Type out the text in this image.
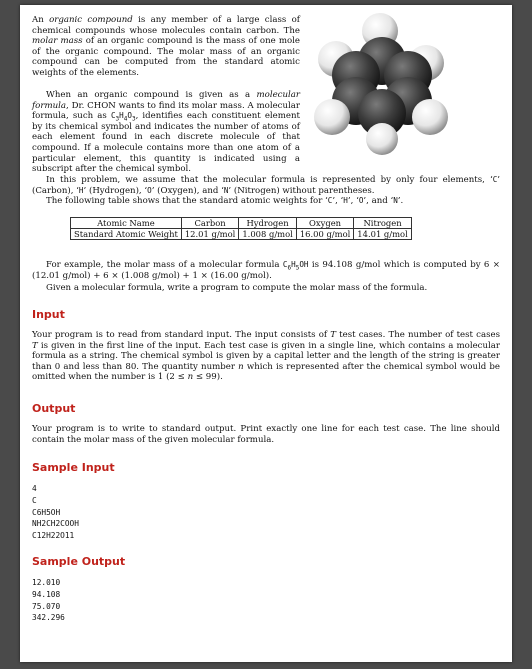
An organic compound is any member of a large class of chemical compounds whose molecules contain carbon. The molar mass of an organic compound is the mass of one mole of the organic compound. The molar mass of an organic compound can be computed from the standard atomic weights of the elements.

When an organic compound is given as a molecular formula, Dr. CHON wants to find its molar mass. A molecular formula, such as $C_3H_4O_3$, identifies each constituent element by its chemical symbol and indicates the number of atoms of each element found in each discrete molecule of that compound. If a molecule contains more than one atom of a particular element, this quantity is indicated using a subscript after the chemical symbol.

In this problem, we assume that the molecular formula is represented by only four elements, ‘C’ (Carbon), ‘H’ (Hydrogen), ‘O’ (Oxygen), and ‘N’ (Nitrogen) without parentheses.

The following table shows that the standard atomic weights for ‘C’, ‘H’, ‘O’, and ‘N’.

Atomic Name	Carbon	Hydrogen	Oxygen	Nitrogen
Standard Atomic Weight	12.01 g/mol	1.008 g/mol	16.00 g/mol	14.01 g/mol

For example, the molar mass of a molecular formula $C_6H_5OH$ is 94.108 g/mol which is computed by 6 × (12.01 g/mol) + 6 × (1.008 g/mol) + 1 × (16.00 g/mol).

Given a molecular formula, write a program to compute the molar mass of the formula.

Input

Your program is to read from standard input. The input consists of T test cases. The number of test cases T is given in the first line of the input. Each test case is given in a single line, which contains a molecular formula as a string. The chemical symbol is given by a capital letter and the length of the string is greater than 0 and less than 80. The quantity number n which is represented after the chemical symbol would be omitted when the number is 1 (2 ≤ n ≤ 99).

Output

Your program is to write to standard output. Print exactly one line for each test case. The line should contain the molar mass of the given molecular formula.

Sample Input
4
C
C6H5OH
NH2CH2COOH
C12H22O11
Sample Output
12.010
94.108
75.070
342.296
